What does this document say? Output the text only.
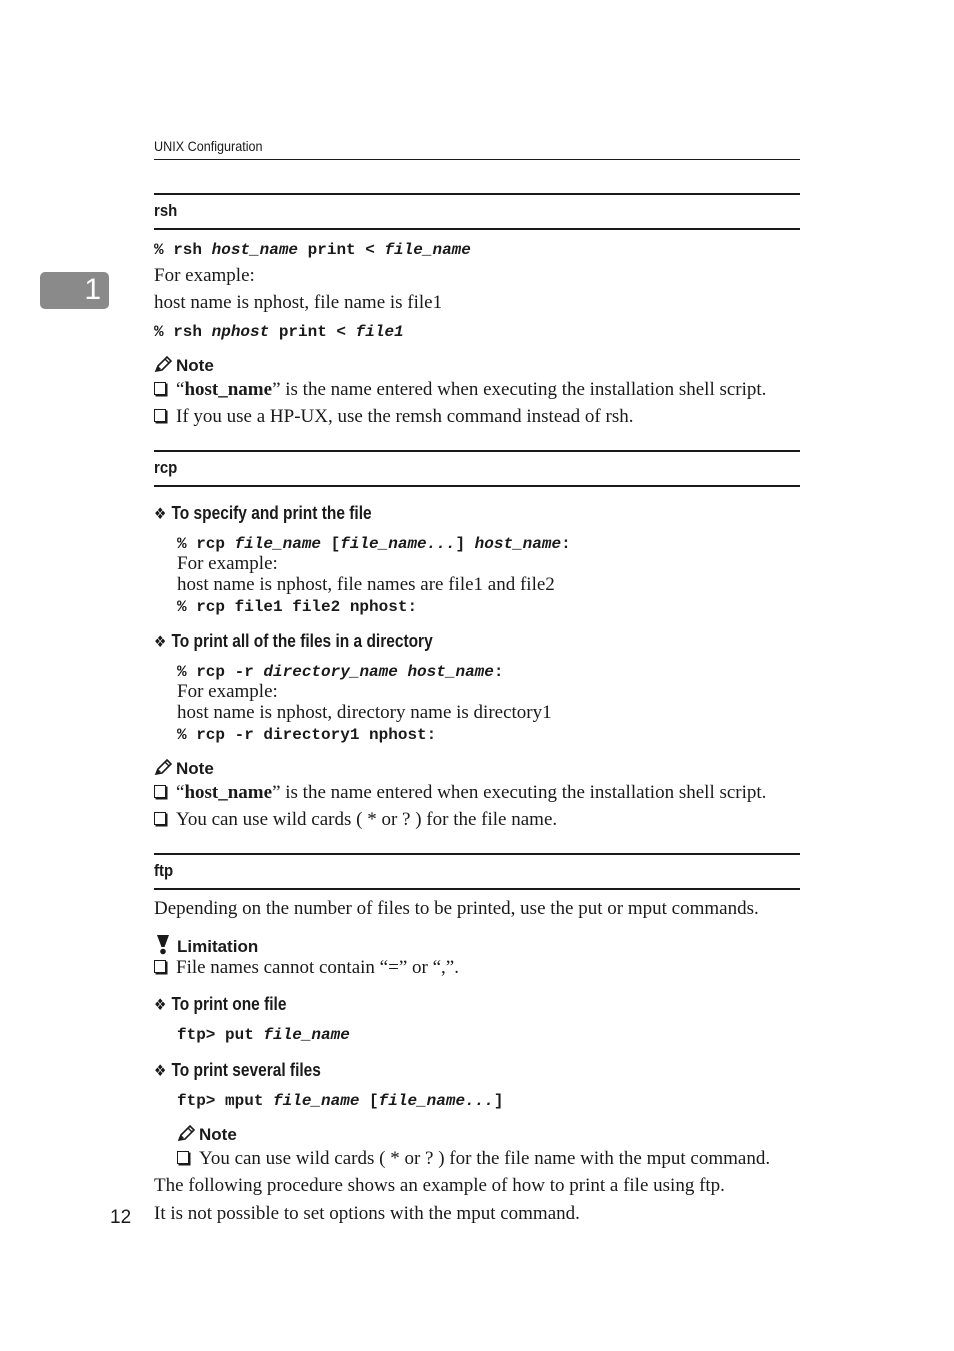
UNIX Configuration
1
rsh
% rsh host_name print < file_name
For example:
host name is nphost, file name is file1
% rsh nphost print < file1
Note
“host_name” is the name entered when executing the installation shell script.
If you use a HP-UX, use the remsh command instead of rsh.
rcp
❖ To specify and print the file
% rcp file_name [file_name...] host_name:
For example:
host name is nphost, file names are file1 and file2
% rcp file1 file2 nphost:
❖ To print all of the files in a directory
% rcp -r directory_name host_name:
For example:
host name is nphost, directory name is directory1
% rcp -r directory1 nphost:
Note
“host_name” is the name entered when executing the installation shell script.
You can use wild cards ( * or ? ) for the file name.
ftp
Depending on the number of files to be printed, use the put or mput commands.
Limitation
File names cannot contain “=” or “,”.
❖ To print one file
ftp> put file_name
❖ To print several files
ftp> mput file_name [file_name...]
Note
You can use wild cards ( * or ? ) for the file name with the mput command.
The following procedure shows an example of how to print a file using ftp.
It is not possible to set options with the mput command.
12
